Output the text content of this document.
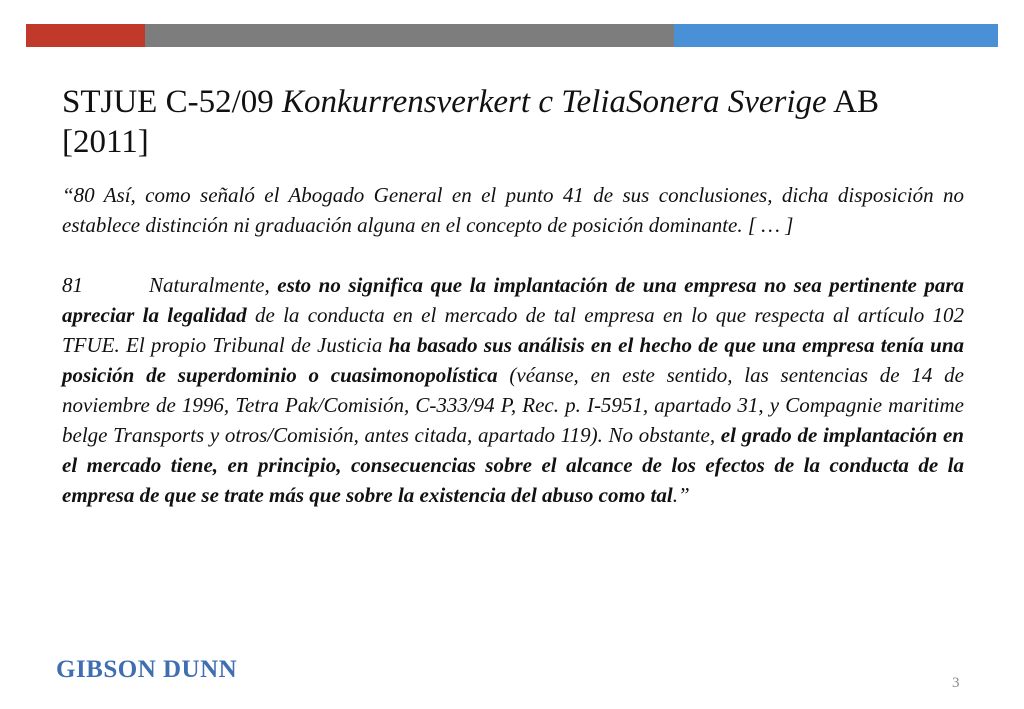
STJUE C-52/09 Konkurrensverkert c TeliaSonera Sverige AB [2011]

“80 Así, como señaló el Abogado General en el punto 41 de sus conclusiones, dicha disposición no establece distinción ni graduación alguna en el concepto de posición dominante. [ … ]

81	Naturalmente, esto no significa que la implantación de una empresa no sea pertinente para apreciar la legalidad de la conducta en el mercado de tal empresa en lo que respecta al artículo 102 TFUE. El propio Tribunal de Justicia ha basado sus análisis en el hecho de que una empresa tenía una posición de superdominio o cuasimonopolística (véanse, en este sentido, las sentencias de 14 de noviembre de 1996, Tetra Pak/Comisión, C-333/94 P, Rec. p. I-5951, apartado 31, y Compagnie maritime belge Transports y otros/Comisión, antes citada, apartado 119). No obstante, el grado de implantación en el mercado tiene, en principio, consecuencias sobre el alcance de los efectos de la conducta de la empresa de que se trate más que sobre la existencia del abuso como tal.”

GIBSON DUNN	3
